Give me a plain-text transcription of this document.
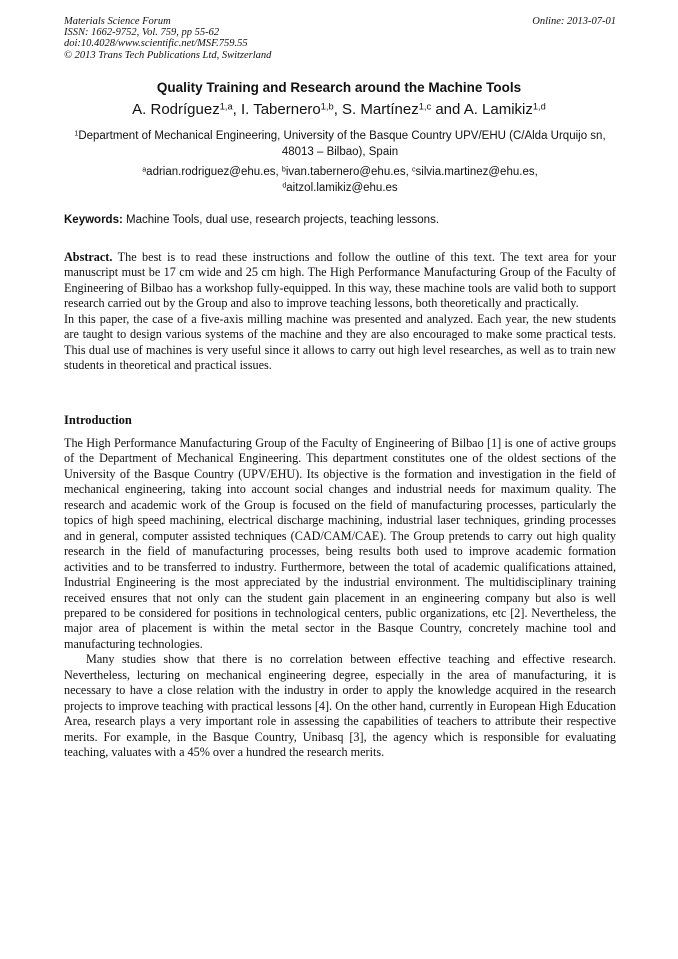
Materials Science Forum
ISSN: 1662-9752, Vol. 759, pp 55-62
doi:10.4028/www.scientific.net/MSF.759.55
© 2013 Trans Tech Publications Ltd, Switzerland
Online: 2013-07-01
Quality Training and Research around the Machine Tools
A. Rodríguez$^{1,a}$, I. Tabernero$^{1,b}$, S. Martínez$^{1,c}$ and A. Lamikiz$^{1,d}$
$^1$Department of Mechanical Engineering, University of the Basque Country UPV/EHU (C/Alda Urquijo sn, 48013 – Bilbao), Spain
$^a$adrian.rodriguez@ehu.es, $^b$ivan.tabernero@ehu.es, $^c$silvia.martinez@ehu.es,
$^d$aitzol.lamikiz@ehu.es
Keywords: Machine Tools, dual use, research projects, teaching lessons.

Abstract. The best is to read these instructions and follow the outline of this text. The text area for your manuscript must be 17 cm wide and 25 cm high. The High Performance Manufacturing Group of the Faculty of Engineering of Bilbao has a workshop fully-equipped. In this way, these machine tools are valid both to support research carried out by the Group and also to improve teaching lessons, both theoretically and practically.

In this paper, the case of a five-axis milling machine was presented and analyzed. Each year, the new students are taught to design various systems of the machine and they are also encouraged to make some practical tests. This dual use of machines is very useful since it allows to carry out high level researches, as well as to train new students in theoretical and practical issues.

Introduction

The High Performance Manufacturing Group of the Faculty of Engineering of Bilbao [1] is one of active groups of the Department of Mechanical Engineering. This department constitutes one of the oldest sections of the University of the Basque Country (UPV/EHU). Its objective is the formation and investigation in the field of mechanical engineering, taking into account social changes and industrial needs for maximum quality. The research and academic work of the Group is focused on the field of manufacturing processes, particularly the topics of high speed machining, electrical discharge machining, industrial laser techniques, grinding processes and in general, computer assisted techniques (CAD/CAM/CAE). The Group pretends to carry out high quality research in the field of manufacturing processes, being results both used to improve academic formation activities and to be transferred to industry. Furthermore, between the total of academic qualifications attained, Industrial Engineering is the most appreciated by the industrial environment. The multidisciplinary training received ensures that not only can the student gain placement in an engineering company but also is well prepared to be considered for positions in technological centers, public organizations, etc [2]. Nevertheless, the major area of placement is within the metal sector in the Basque Country, concretely machine tool and manufacturing technologies.

Many studies show that there is no correlation between effective teaching and effective research. Nevertheless, lecturing on mechanical engineering degree, especially in the area of manufacturing, it is necessary to have a close relation with the industry in order to apply the knowledge acquired in the research projects to improve teaching with practical lessons [4]. On the other hand, currently in European High Education Area, research plays a very important role in assessing the capabilities of teachers to attribute their respective merits. For example, in the Basque Country, Unibasq [3], the agency which is responsible for evaluating teaching, valuates with a 45% over a hundred the research merits.
